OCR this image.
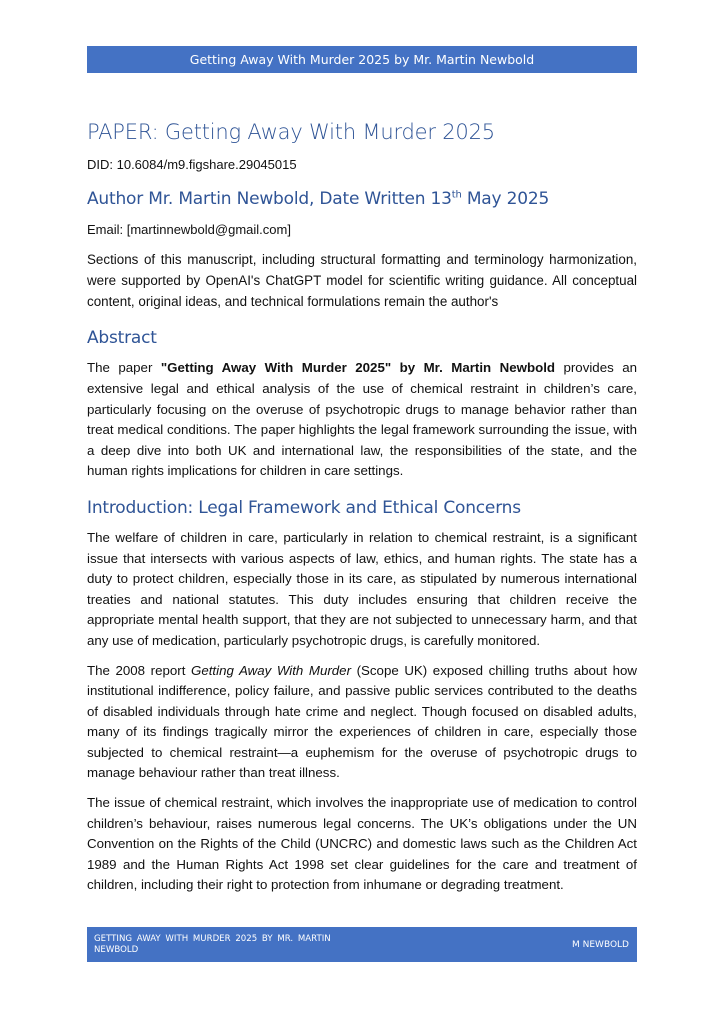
Getting Away With Murder 2025 by Mr. Martin Newbold
PAPER: Getting Away With Murder 2025
DID: 10.6084/m9.figshare.29045015
Author Mr. Martin Newbold, Date Written 13th May 2025
Email: [martinnewbold@gmail.com]

Sections of this manuscript, including structural formatting and terminology harmonization, were supported by OpenAI's ChatGPT model for scientific writing guidance. All conceptual content, original ideas, and technical formulations remain the author's

Abstract

The paper "Getting Away With Murder 2025" by Mr. Martin Newbold provides an extensive legal and ethical analysis of the use of chemical restraint in children’s care, particularly focusing on the overuse of psychotropic drugs to manage behavior rather than treat medical conditions. The paper highlights the legal framework surrounding the issue, with a deep dive into both UK and international law, the responsibilities of the state, and the human rights implications for children in care settings.

Introduction: Legal Framework and Ethical Concerns

The welfare of children in care, particularly in relation to chemical restraint, is a significant issue that intersects with various aspects of law, ethics, and human rights. The state has a duty to protect children, especially those in its care, as stipulated by numerous international treaties and national statutes. This duty includes ensuring that children receive the appropriate mental health support, that they are not subjected to unnecessary harm, and that any use of medication, particularly psychotropic drugs, is carefully monitored.

The 2008 report Getting Away With Murder (Scope UK) exposed chilling truths about how institutional indifference, policy failure, and passive public services contributed to the deaths of disabled individuals through hate crime and neglect. Though focused on disabled adults, many of its findings tragically mirror the experiences of children in care, especially those subjected to chemical restraint—a euphemism for the overuse of psychotropic drugs to manage behaviour rather than treat illness.

The issue of chemical restraint, which involves the inappropriate use of medication to control children’s behaviour, raises numerous legal concerns. The UK’s obligations under the UN Convention on the Rights of the Child (UNCRC) and domestic laws such as the Children Act 1989 and the Human Rights Act 1998 set clear guidelines for the care and treatment of children, including their right to protection from inhumane or degrading treatment.

GETTING AWAY WITH MURDER 2025 BY MR. MARTIN NEWBOLD	M NEWBOLD
